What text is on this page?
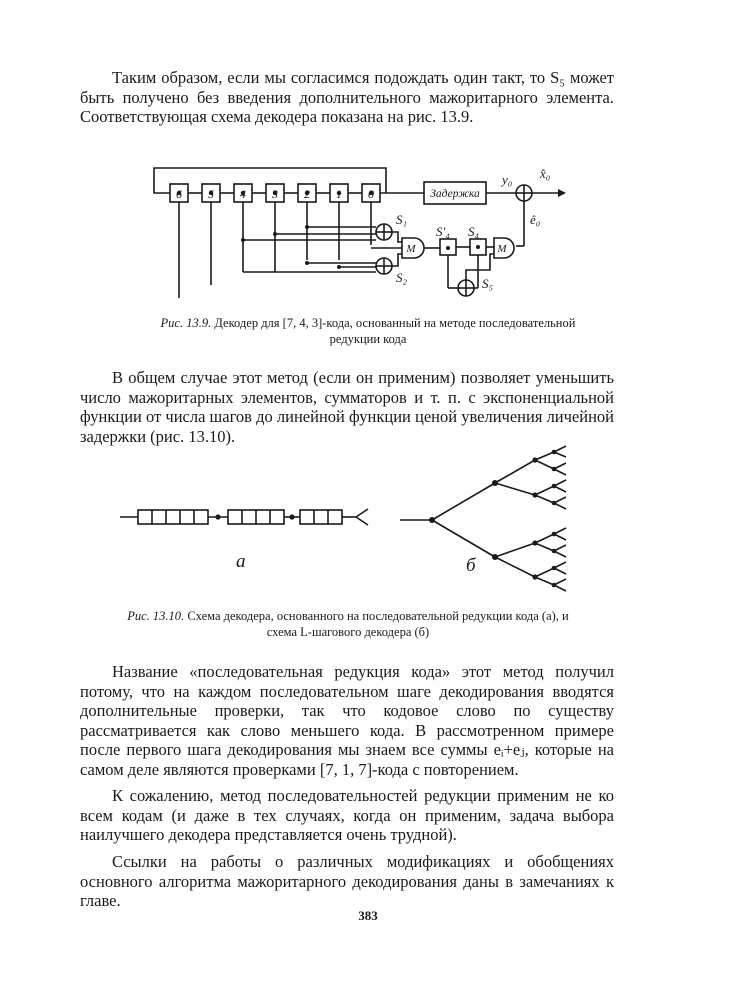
Таким образом, если мы согласимся подождать один такт, то S₅ может быть получено без введения дополнительного мажоритарного элемента. Соответствующая схема декодера показана на рис. 13.9.

6 5 4 3 2 1 0	Задержка
M	M
y₀ x̂₀
ê₀
S₁
S₂
S′₄ S₄
S₅

Рис. 13.9. Декодер для [7, 4, 3]-кода, основанный на методе последовательной редукции кода

В общем случае этот метод (если он применим) позволяет уменьшить число мажоритарных элементов, сумматоров и т. п. с экспоненциальной функции от числа шагов до линейной функции ценой увеличения личейной задержки (рис. 13.10).

а	б

Рис. 13.10. Схема декодера, основанного на последовательной редукции кода (а), и схема L-шагового декодера (б)

Название «последовательная редукция кода» этот метод получил потому, что на каждом последовательном шаге декодирования вводятся дополнительные проверки, так что кодовое слово по существу рассматривается как слово меньшего кода. В рассмотренном примере после первого шага декодирования мы знаем все суммы eᵢ+eⱼ, которые на самом деле являются проверками [7, 1, 7]-кода с повторением.

К сожалению, метод последовательностей редукции применим не ко всем кодам (и даже в тех случаях, когда он применим, задача выбора наилучшего декодера представляется очень трудной).

Ссылки на работы о различных модификациях и обобщениях основного алгоритма мажоритарного декодирования даны в замечаниях к главе.

383
